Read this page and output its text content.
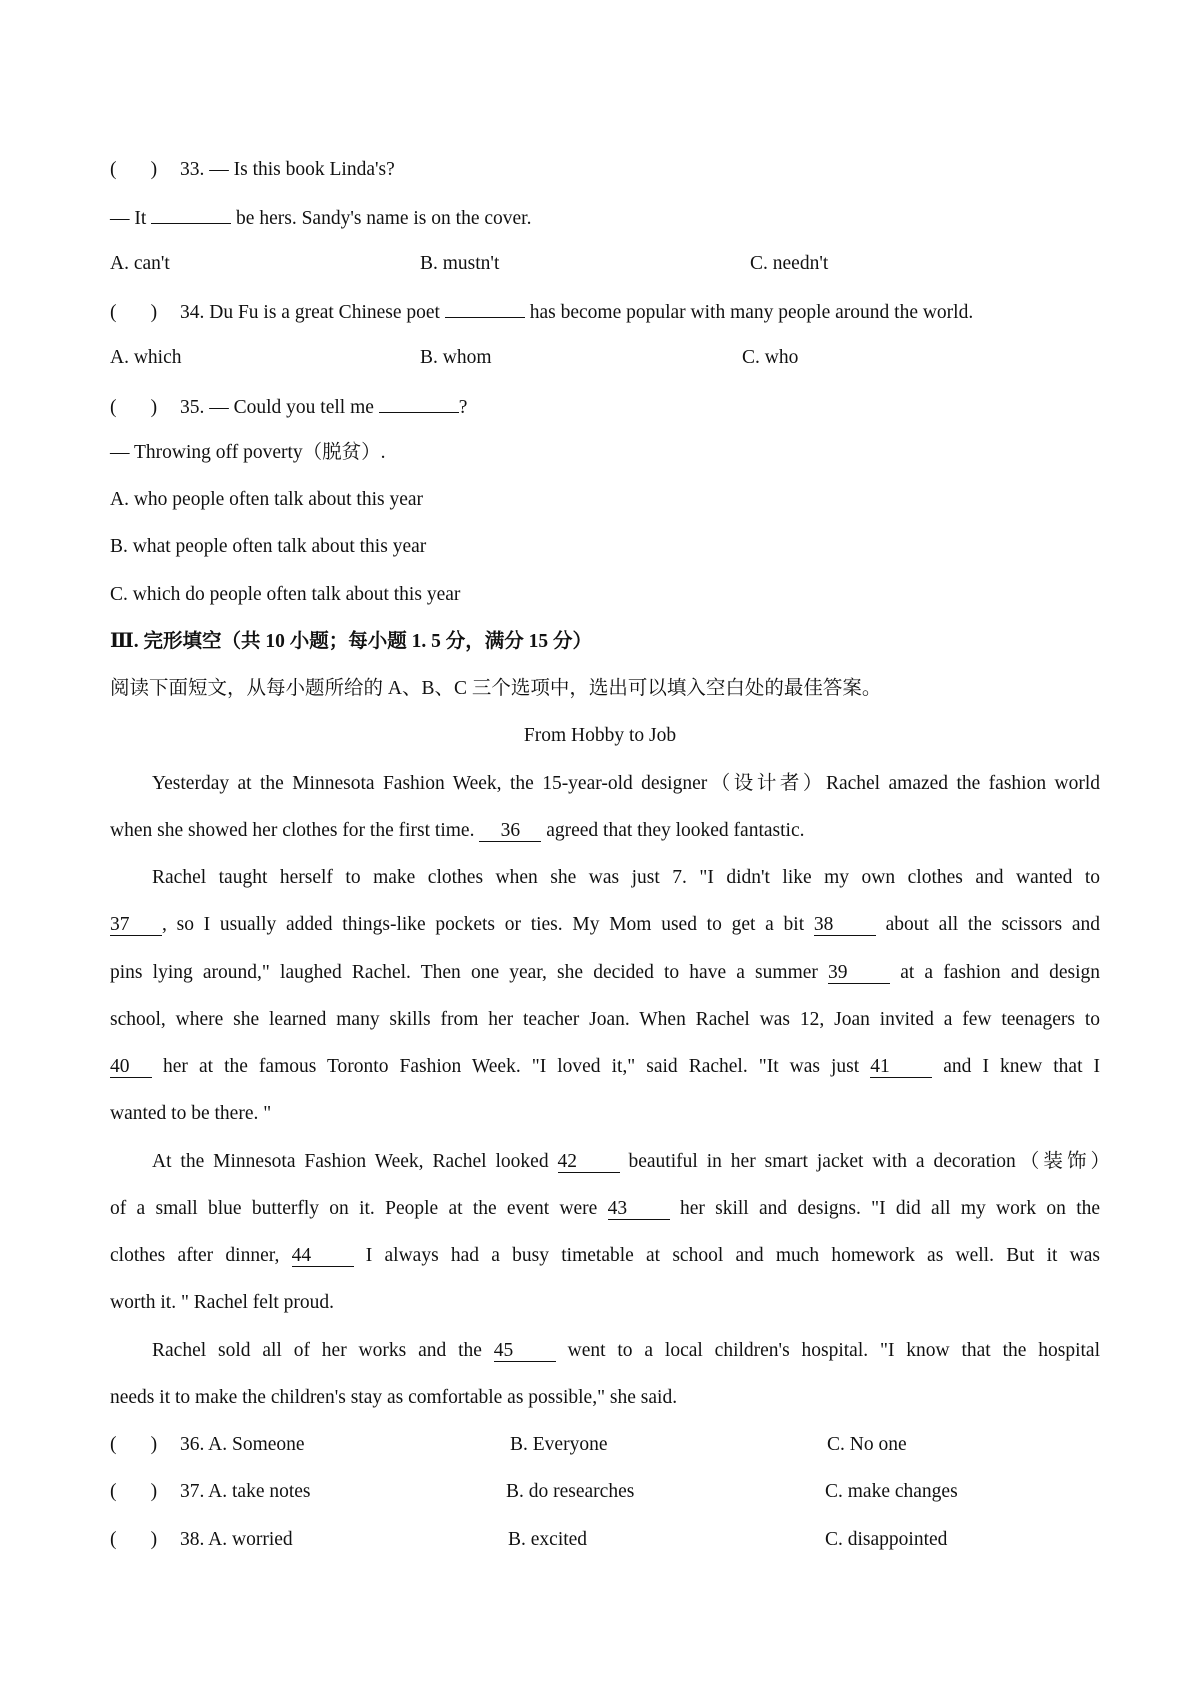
( ) 33. — Is this book Linda's?
— It	be hers. Sandy's name is on the cover.
A. can't	B. mustn't	C. needn't
( ) 34. Du Fu is a great Chinese poet	has become popular with many people around the world.
A. which	B. whom	C. who
( ) 35. — Could you tell me	?
— Throwing off poverty（脱贫）.
A. who people often talk about this year
B. what people often talk about this year
C. which do people often talk about this year
Ⅲ. 完形填空（共 10 小题；每小题 1. 5 分，满分 15 分）
阅读下面短文，从每小题所给的 A、B、C 三个选项中，选出可以填入空白处的最佳答案。
From Hobby to Job
Yesterday at the Minnesota Fashion Week, the 15-year-old designer（设计者）Rachel amazed the fashion world
when she showed her clothes for the first time. 36 agreed that they looked fantastic.
Rachel taught herself to make clothes when she was just 7. "I didn't like my own clothes and wanted to
37 , so I usually added things-like pockets or ties. My Mom used to get a bit 38	about all the scissors and
pins lying around," laughed Rachel. Then one year, she decided to have a summer 39	at a fashion and design
school, where she learned many skills from her teacher Joan. When Rachel was 12, Joan invited a few teenagers to
40 her at the famous Toronto Fashion Week. "I loved it," said Rachel. "It was just 41	and I knew that I
wanted to be there. "
At the Minnesota Fashion Week, Rachel looked 42	beautiful in her smart jacket with a decoration（装饰）
of a small blue butterfly on it. People at the event were 43	her skill and designs. "I did all my work on the
clothes after dinner, 44	I always had a busy timetable at school and much homework as well. But it was
worth it. " Rachel felt proud.
Rachel sold all of her works and the 45	went to a local children's hospital. "I know that the hospital
needs it to make the children's stay as comfortable as possible," she said.
( ) 36. A. Someone	B. Everyone	C. No one
( ) 37. A. take notes	B. do researches	C. make changes
( ) 38. A. worried	B. excited	C. disappointed
